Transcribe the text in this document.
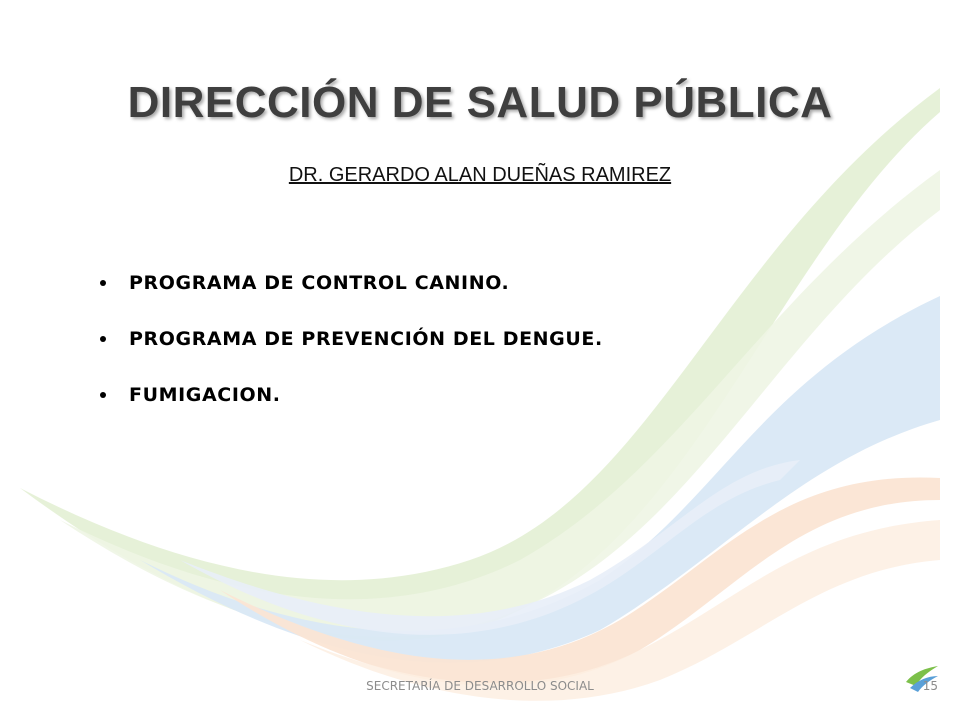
DIRECCIÓN DE SALUD PÚBLICA
DR. GERARDO ALAN DUEÑAS RAMIREZ
PROGRAMA DE CONTROL CANINO.
PROGRAMA DE PREVENCIÓN DEL DENGUE.
FUMIGACION.
SECRETARÍA DE DESARROLLO SOCIAL	15
